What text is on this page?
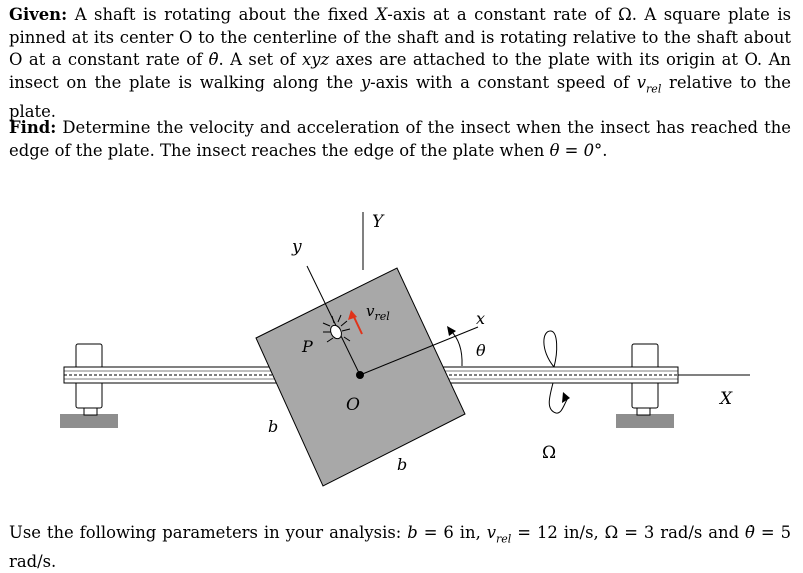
Given: A shaft is rotating about the fixed X-axis at a constant rate of Ω. A square plate is pinned at its center O to the centerline of the shaft and is rotating relative to the shaft about O at a constant rate of θ̇. A set of xyz axes are attached to the plate with its origin at O. An insect on the plate is walking along the y-axis with a constant speed of $v_{rel}$ relative to the plate.

Find: Determine the velocity and acceleration of the insect when the insect has reached the edge of the plate. The insect reaches the edge of the plate when θ = 0°.

X
Y
y
x
θ
Ω
P
$v_{rel}$
O
b
b

Use the following parameters in your analysis: b = 6 in, $v_{rel} = 12$ in/s, Ω = 3 rad/s and θ̇ = 5 rad/s.
